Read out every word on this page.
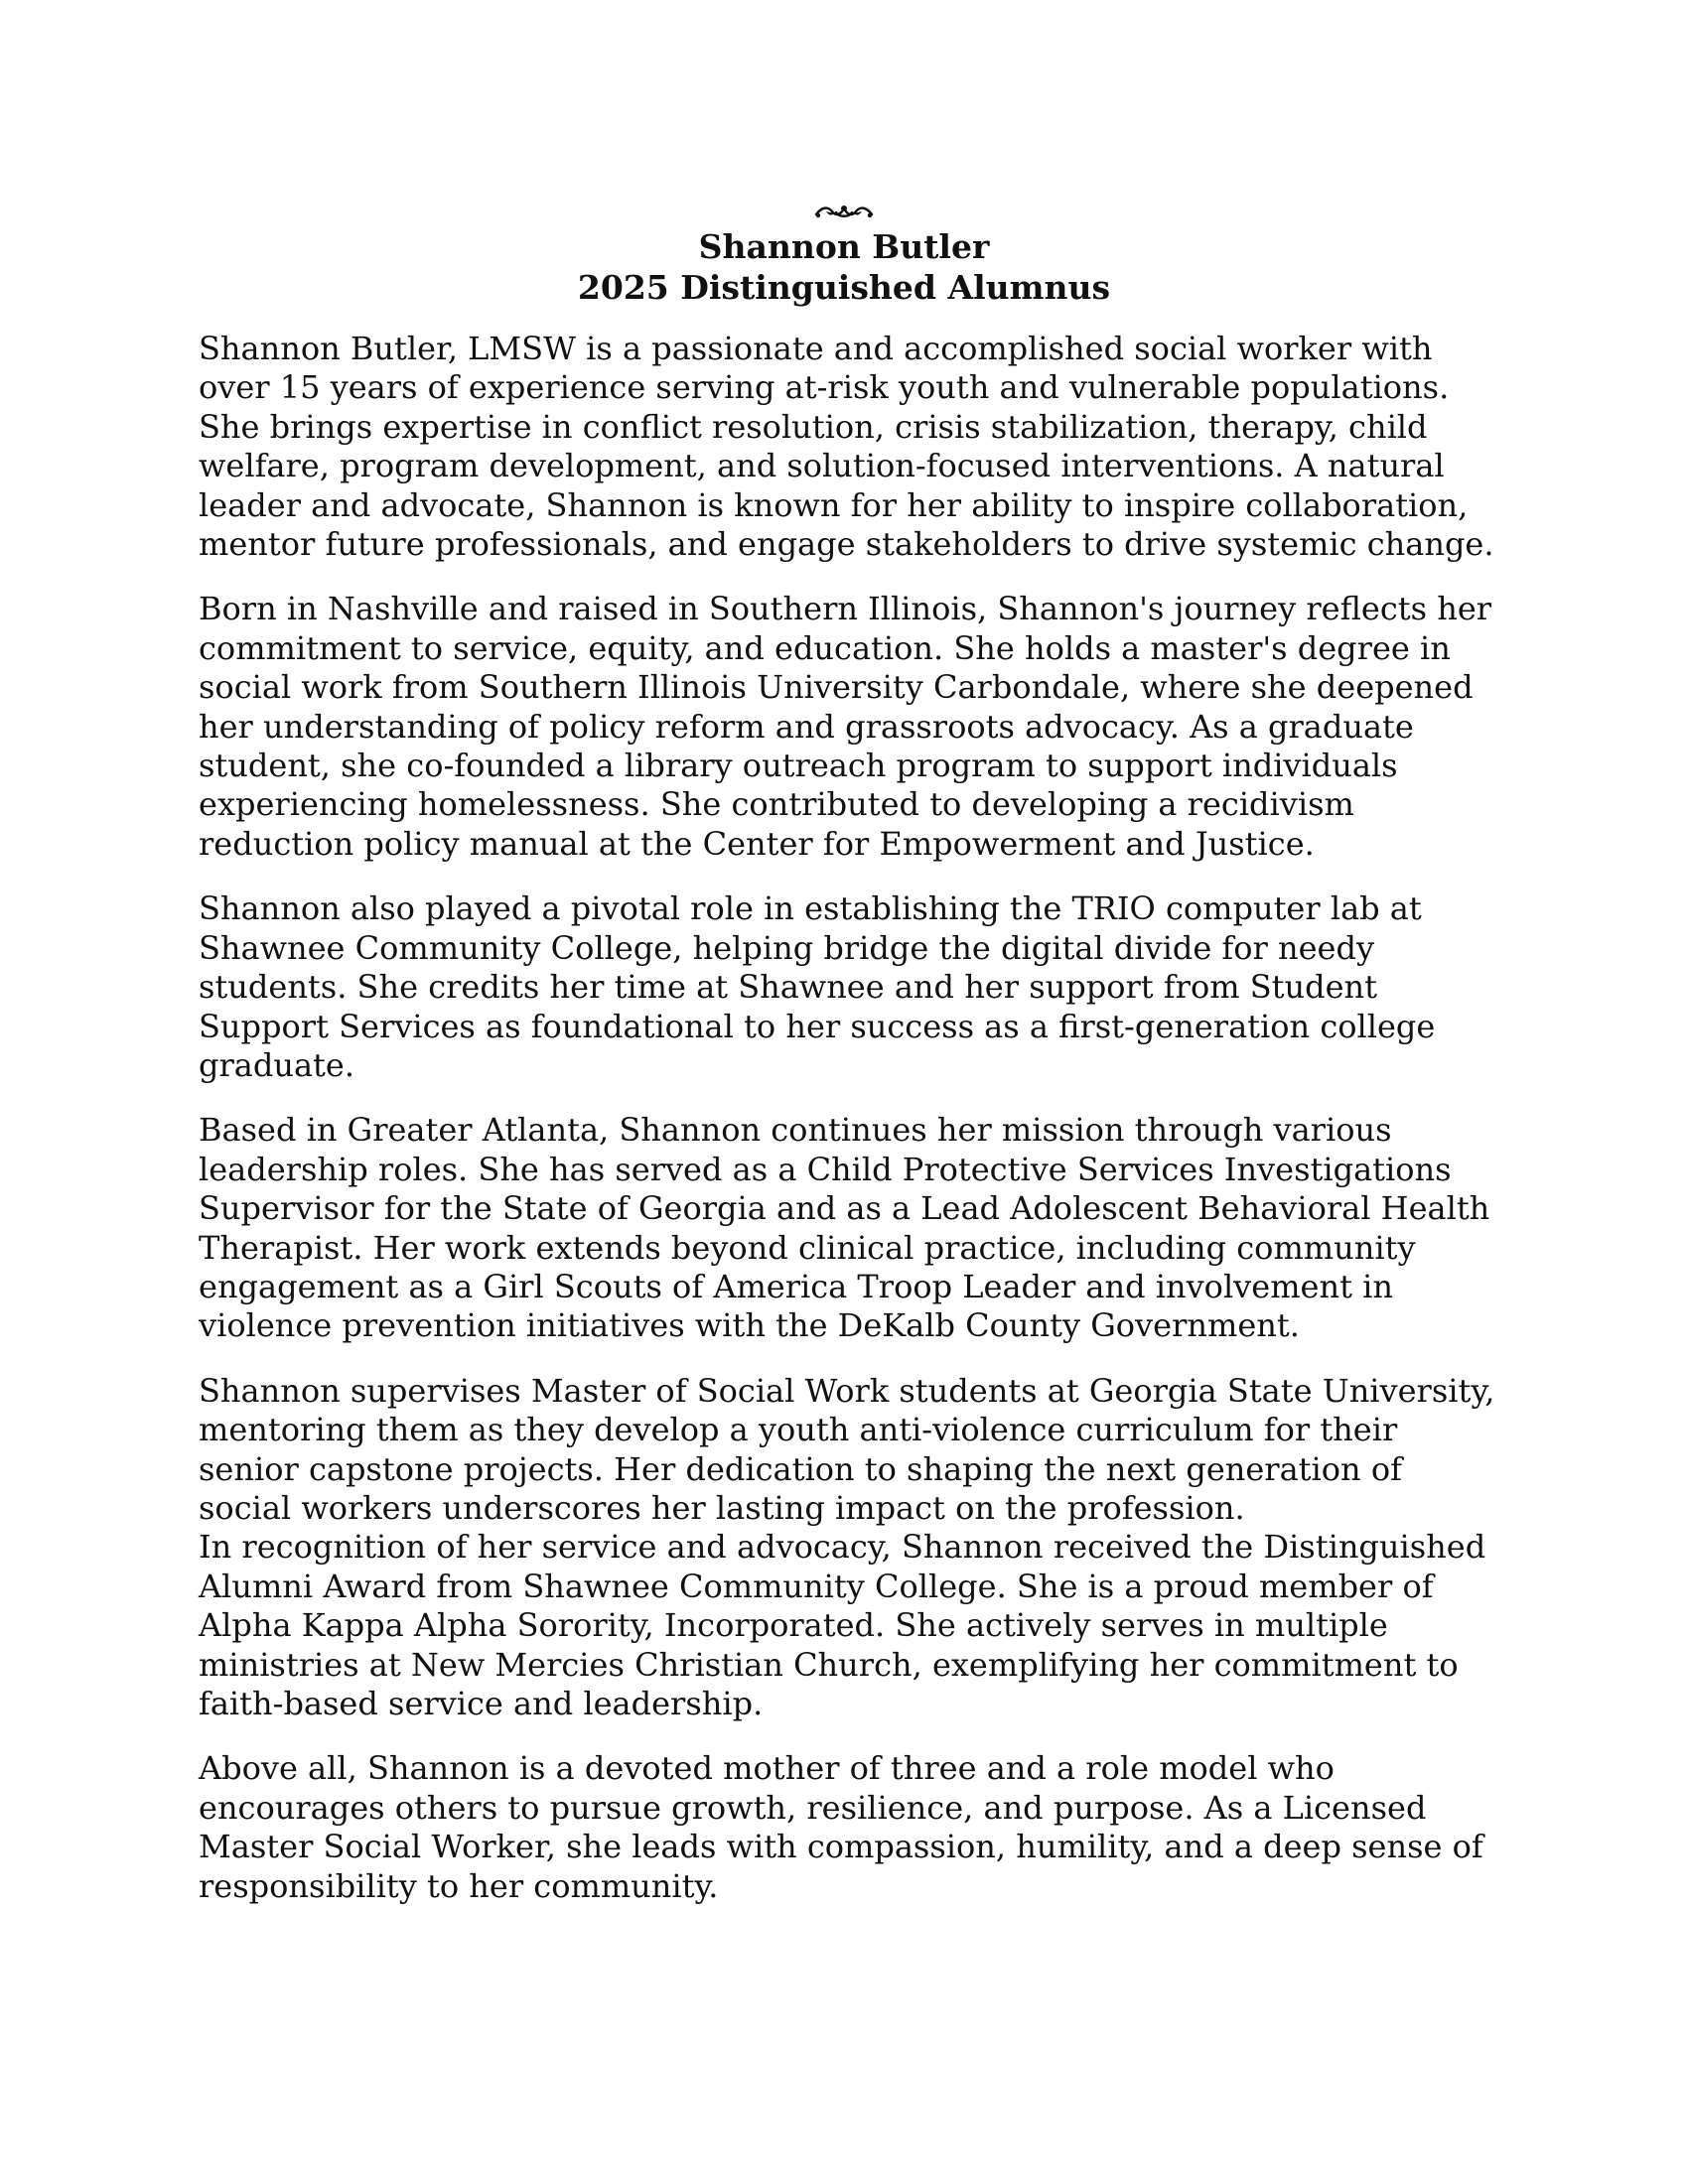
Shannon Butler

2025 Distinguished Alumnus

Shannon Butler, LMSW is a passionate and accomplished social worker with
over 15 years of experience serving at-risk youth and vulnerable populations.
She brings expertise in conflict resolution, crisis stabilization, therapy, child
welfare, program development, and solution-focused interventions. A natural
leader and advocate, Shannon is known for her ability to inspire collaboration,
mentor future professionals, and engage stakeholders to drive systemic change.
Born in Nashville and raised in Southern Illinois, Shannon's journey reflects her
commitment to service, equity, and education. She holds a master's degree in
social work from Southern Illinois University Carbondale, where she deepened
her understanding of policy reform and grassroots advocacy. As a graduate
student, she co-founded a library outreach program to support individuals
experiencing homelessness. She contributed to developing a recidivism
reduction policy manual at the Center for Empowerment and Justice.
Shannon also played a pivotal role in establishing the TRIO computer lab at
Shawnee Community College, helping bridge the digital divide for needy
students. She credits her time at Shawnee and her support from Student
Support Services as foundational to her success as a first-generation college
graduate.
Based in Greater Atlanta, Shannon continues her mission through various
leadership roles. She has served as a Child Protective Services Investigations
Supervisor for the State of Georgia and as a Lead Adolescent Behavioral Health
Therapist. Her work extends beyond clinical practice, including community
engagement as a Girl Scouts of America Troop Leader and involvement in
violence prevention initiatives with the DeKalb County Government.
Shannon supervises Master of Social Work students at Georgia State University,
mentoring them as they develop a youth anti-violence curriculum for their
senior capstone projects. Her dedication to shaping the next generation of
social workers underscores her lasting impact on the profession.
In recognition of her service and advocacy, Shannon received the Distinguished
Alumni Award from Shawnee Community College. She is a proud member of
Alpha Kappa Alpha Sorority, Incorporated. She actively serves in multiple
ministries at New Mercies Christian Church, exemplifying her commitment to
faith-based service and leadership.
Above all, Shannon is a devoted mother of three and a role model who
encourages others to pursue growth, resilience, and purpose. As a Licensed
Master Social Worker, she leads with compassion, humility, and a deep sense of
responsibility to her community.
